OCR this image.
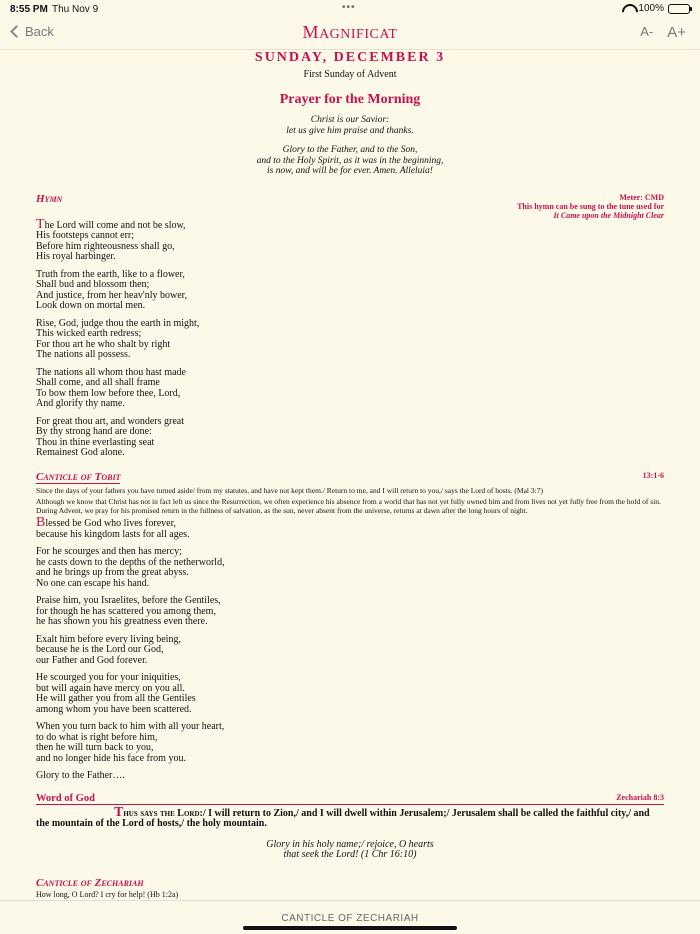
8:55 PM Thu Nov 9	•••	100%
Back	MAGNIFICAT	A- A+
SUNDAY, DECEMBER 3
First Sunday of Advent
Prayer for the Morning
Christ is our Savior:
let us give him praise and thanks.
Glory to the Father, and to the Son,
and to the Holy Spirit, as it was in the beginning,
is now, and will be for ever. Amen. Alleluia!
Hymn	Meter: CMD
This hymn can be sung to the tune used for
It Came upon the Midnight Clear
The Lord will come and not be slow,
His footsteps cannot err;
Before him righteousness shall go,
His royal harbinger.
Truth from the earth, like to a flower,
Shall bud and blossom then;
And justice, from her heav'nly bower,
Look down on mortal men.
Rise, God, judge thou the earth in might,
This wicked earth redress;
For thou art he who shalt by right
The nations all possess.
The nations all whom thou hast made
Shall come, and all shall frame
To bow them low before thee, Lord,
And glorify thy name.
For great thou art, and wonders great
By thy strong hand are done:
Thou in thine everlasting seat
Remainest God alone.
Canticle of Tobit	13:1-6
Since the days of your fathers you have turned aside/ from my statutes, and have not kept them./ Return to me, and I will return to you,/ says the Lord of hosts. (Mal 3:7)
Although we know that Christ has not in fact left us since the Resurrection, we often experience his absence from a world that has not yet fully owned him and from lives not yet fully free from the hold of sin. During Advent, we pray for his promised return in the fullness of salvation, as the sun, never absent from the universe, returns at dawn after the long hours of night.
Blessed be God who lives forever,
because his kingdom lasts for all ages.
For he scourges and then has mercy;
he casts down to the depths of the netherworld,
and he brings up from the great abyss.
No one can escape his hand.
Praise him, you Israelites, before the Gentiles,
for though he has scattered you among them,
he has shown you his greatness even there.
Exalt him before every living being,
because he is the Lord our God,
our Father and God forever.
He scourged you for your iniquities,
but will again have mercy on you all.
He will gather you from all the Gentiles
among whom you have been scattered.
When you turn back to him with all your heart,
to do what is right before him,
then he will turn back to you,
and no longer hide his face from you.
Glory to the Father….
Word of God	Zechariah 8:3
Thus says the Lord:/ I will return to Zion,/ and I will dwell within Jerusalem;/ Jerusalem shall be called the faithful city,/ and the mountain of the Lord of hosts,/ the holy mountain.
Glory in his holy name;/ rejoice, O hearts
that seek the Lord! (1 Chr 16:10)
Canticle of Zechariah
How long, O Lord? I cry for help! (Hb 1:2a)
CANTICLE OF ZECHARIAH
